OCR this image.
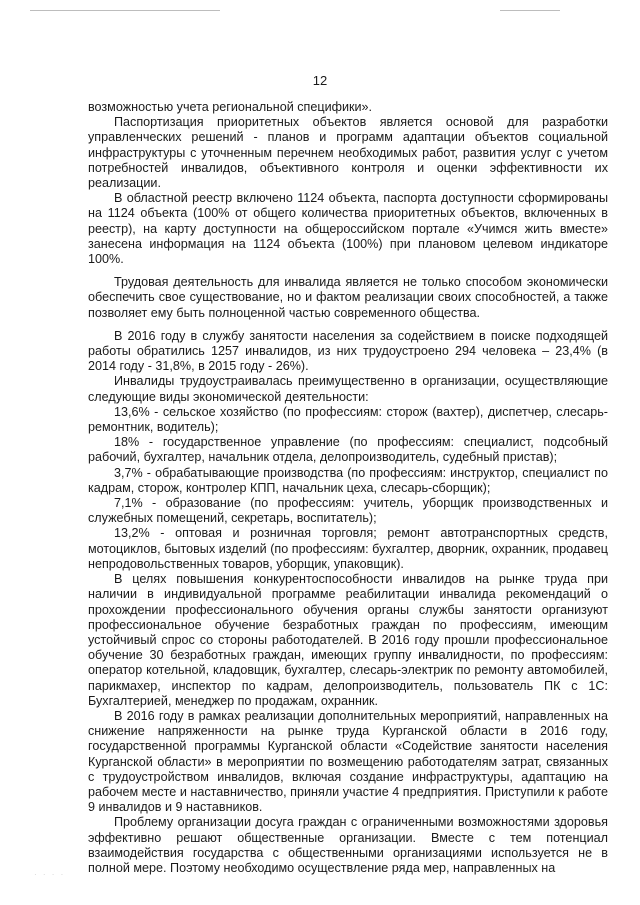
12

возможностью учета региональной специфики».

Паспортизация приоритетных объектов является основой для разработки управленческих решений - планов и программ адаптации объектов социальной инфраструктуры с уточненным перечнем необходимых работ, развития услуг с учетом потребностей инвалидов, объективного контроля и оценки эффективности их реализации.

В областной реестр включено 1124 объекта, паспорта доступности сформированы на 1124 объекта (100% от общего количества приоритетных объектов, включенных в реестр), на карту доступности на общероссийском портале «Учимся жить вместе» занесена информация на 1124 объекта (100%) при плановом целевом индикаторе 100%.

Трудовая деятельность для инвалида является не только способом экономически обеспечить свое существование, но и фактом реализации своих способностей, а также позволяет ему быть полноценной частью современного общества.

В 2016 году в службу занятости населения за содействием в поиске подходящей работы обратились 1257 инвалидов, из них трудоустроено 294 человека – 23,4% (в 2014 году - 31,8%, в 2015 году - 26%).

Инвалиды трудоустраивалась преимущественно в организации, осуществляющие следующие виды экономической деятельности:

13,6% - сельское хозяйство (по профессиям: сторож (вахтер), диспетчер, слесарь-ремонтник, водитель);

18% - государственное управление (по профессиям: специалист, подсобный рабочий, бухгалтер, начальник отдела, делопроизводитель, судебный пристав);

3,7% - обрабатывающие производства (по профессиям: инструктор, специалист по кадрам, сторож, контролер КПП, начальник цеха, слесарь-сборщик);

7,1% - образование (по профессиям: учитель, уборщик производственных и служебных помещений, секретарь, воспитатель);

13,2% - оптовая и розничная торговля; ремонт автотранспортных средств, мотоциклов, бытовых изделий (по профессиям: бухгалтер, дворник, охранник, продавец непродовольственных товаров, уборщик, упаковщик).

В целях повышения конкурентоспособности инвалидов на рынке труда при наличии в индивидуальной программе реабилитации инвалида рекомендаций о прохождении профессионального обучения органы службы занятости организуют профессиональное обучение безработных граждан по профессиям, имеющим устойчивый спрос со стороны работодателей. В 2016 году прошли профессиональное обучение 30 безработных граждан, имеющих группу инвалидности, по профессиям: оператор котельной, кладовщик, бухгалтер, слесарь-электрик по ремонту автомобилей, парикмахер, инспектор по кадрам, делопроизводитель, пользователь ПК с 1С: Бухгалтерией, менеджер по продажам, охранник.

В 2016 году в рамках реализации дополнительных мероприятий, направленных на снижение напряженности на рынке труда Курганской области в 2016 году, государственной программы Курганской области «Содействие занятости населения Курганской области» в мероприятии по возмещению работодателям затрат, связанных с трудоустройством инвалидов, включая создание инфраструктуры, адаптацию на рабочем месте и наставничество, приняли участие 4 предприятия. Приступили к работе 9 инвалидов и 9 наставников.

Проблему организации досуга граждан с ограниченными возможностями здоровья эффективно решают общественные организации. Вместе с тем потенциал взаимодействия государства с общественными организациями используется не в полной мере. Поэтому необходимо осуществление ряда мер, направленных на

· · · ·
